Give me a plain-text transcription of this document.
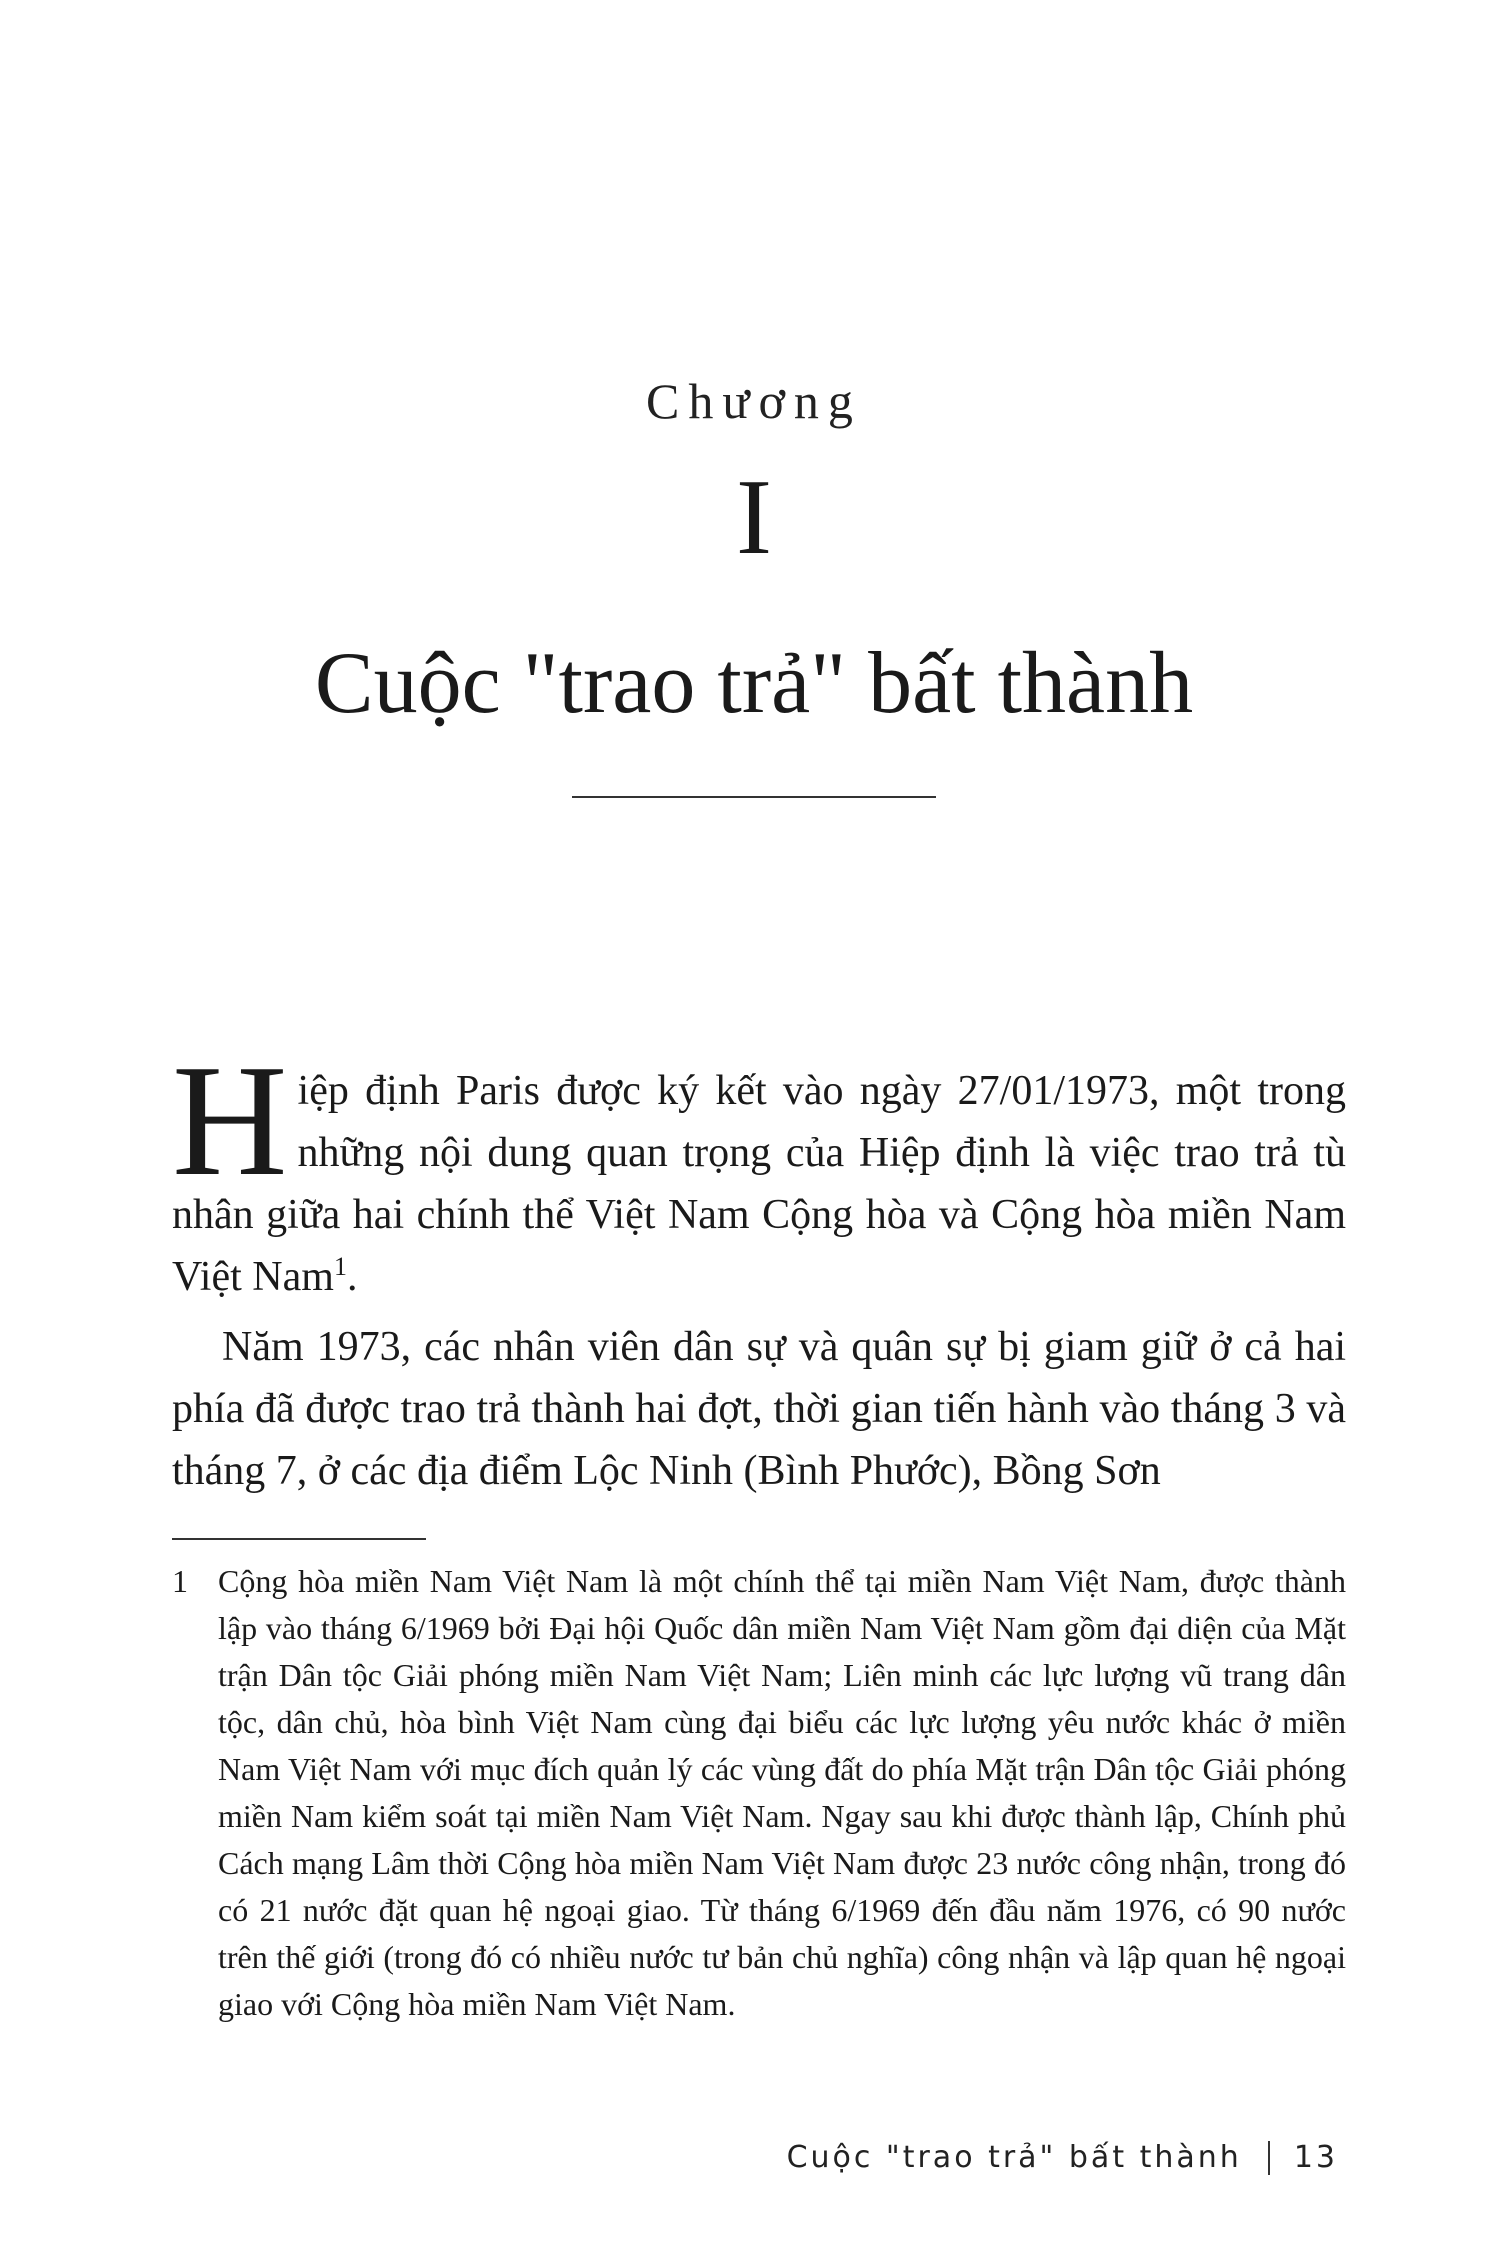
Chương
I
Cuộc "trao trả" bất thành

Hiệp định Paris được ký kết vào ngày 27/01/1973, một trong những nội dung quan trọng của Hiệp định là việc trao trả tù nhân giữa hai chính thể Việt Nam Cộng hòa và Cộng hòa miền Nam Việt Nam$^1$.

Năm 1973, các nhân viên dân sự và quân sự bị giam giữ ở cả hai phía đã được trao trả thành hai đợt, thời gian tiến hành vào tháng 3 và tháng 7, ở các địa điểm Lộc Ninh (Bình Phước), Bồng Sơn

1 Cộng hòa miền Nam Việt Nam là một chính thể tại miền Nam Việt Nam, được thành lập vào tháng 6/1969 bởi Đại hội Quốc dân miền Nam Việt Nam gồm đại diện của Mặt trận Dân tộc Giải phóng miền Nam Việt Nam; Liên minh các lực lượng vũ trang dân tộc, dân chủ, hòa bình Việt Nam cùng đại biểu các lực lượng yêu nước khác ở miền Nam Việt Nam với mục đích quản lý các vùng đất do phía Mặt trận Dân tộc Giải phóng miền Nam kiểm soát tại miền Nam Việt Nam. Ngay sau khi được thành lập, Chính phủ Cách mạng Lâm thời Cộng hòa miền Nam Việt Nam được 23 nước công nhận, trong đó có 21 nước đặt quan hệ ngoại giao. Từ tháng 6/1969 đến đầu năm 1976, có 90 nước trên thế giới (trong đó có nhiều nước tư bản chủ nghĩa) công nhận và lập quan hệ ngoại giao với Cộng hòa miền Nam Việt Nam.
Cuộc "trao trả" bất thành 13
